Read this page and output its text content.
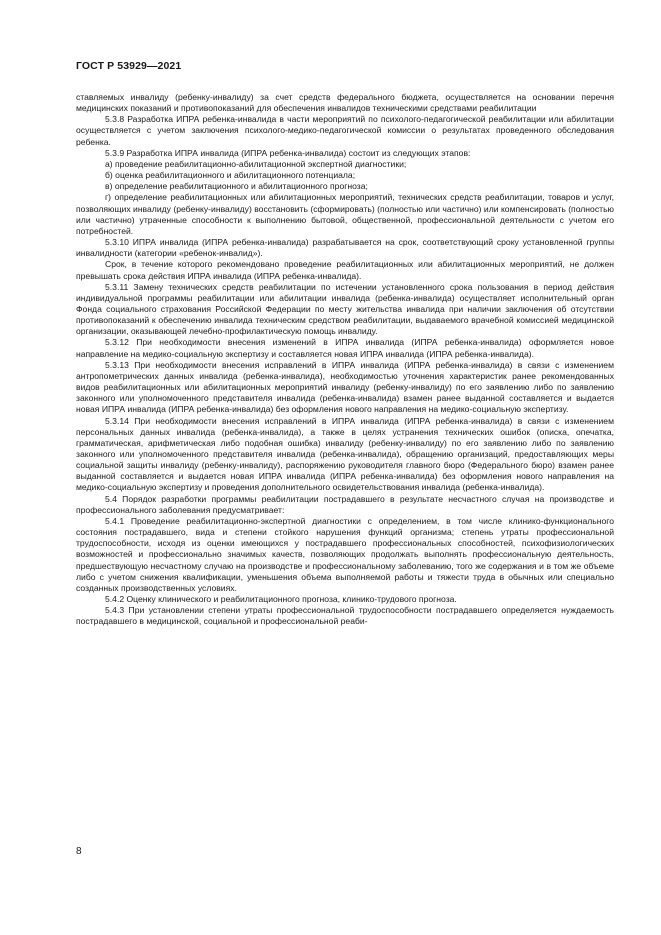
ГОСТ Р 53929—2021

ставляемых инвалиду (ребенку-инвалиду) за счет средств федерального бюджета, осуществляется на основании перечня медицинских показаний и противопоказаний для обеспечения инвалидов техническими средствами реабилитации

5.3.8 Разработка ИПРА ребенка-инвалида в части мероприятий по психолого-педагогической реабилитации или абилитации осуществляется с учетом заключения психолого-медико-педагогической комиссии о результатах проведенного обследования ребенка.

5.3.9 Разработка ИПРА инвалида (ИПРА ребенка-инвалида) состоит из следующих этапов:

а) проведение реабилитационно-абилитационной экспертной диагностики;

б) оценка реабилитационного и абилитационного потенциала;

в) определение реабилитационного и абилитационного прогноза;

г) определение реабилитационных или абилитационных мероприятий, технических средств реабилитации, товаров и услуг, позволяющих инвалиду (ребенку-инвалиду) восстановить (сформировать) (полностью или частично) или компенсировать (полностью или частично) утраченные способности к выполнению бытовой, общественной, профессиональной деятельности с учетом его потребностей.

5.3.10 ИПРА инвалида (ИПРА ребенка-инвалида) разрабатывается на срок, соответствующий сроку установленной группы инвалидности (категории «ребенок-инвалид»).

Срок, в течение которого рекомендовано проведение реабилитационных или абилитационных мероприятий, не должен превышать срока действия ИПРА инвалида (ИПРА ребенка-инвалида).

5.3.11 Замену технических средств реабилитации по истечении установленного срока пользования в период действия индивидуальной программы реабилитации или абилитации инвалида (ребенка-инвалида) осуществляет исполнительный орган Фонда социального страхования Российской Федерации по месту жительства инвалида при наличии заключения об отсутствии противопоказаний к обеспечению инвалида техническим средством реабилитации, выдаваемого врачебной комиссией медицинской организации, оказывающей лечебно-профилактическую помощь инвалиду.

5.3.12 При необходимости внесения изменений в ИПРА инвалида (ИПРА ребенка-инвалида) оформляется новое направление на медико-социальную экспертизу и составляется новая ИПРА инвалида (ИПРА ребенка-инвалида).

5.3.13 При необходимости внесения исправлений в ИПРА инвалида (ИПРА ребенка-инвалида) в связи с изменением антропометрических данных инвалида (ребенка-инвалида), необходимостью уточнения характеристик ранее рекомендованных видов реабилитационных или абилитационных мероприятий инвалиду (ребенку-инвалиду) по его заявлению либо по заявлению законного или уполномоченного представителя инвалида (ребенка-инвалида) взамен ранее выданной составляется и выдается новая ИПРА инвалида (ИПРА ребенка-инвалида) без оформления нового направления на медико-социальную экспертизу.

5.3.14 При необходимости внесения исправлений в ИПРА инвалида (ИПРА ребенка-инвалида) в связи с изменением персональных данных инвалида (ребенка-инвалида), а также в целях устранения технических ошибок (описка, опечатка, грамматическая, арифметическая либо подобная ошибка) инвалиду (ребенку-инвалиду) по его заявлению либо по заявлению законного или уполномоченного представителя инвалида (ребенка-инвалида), обращению организаций, предоставляющих меры социальной защиты инвалиду (ребенку-инвалиду), распоряжению руководителя главного бюро (Федерального бюро) взамен ранее выданной составляется и выдается новая ИПРА инвалида (ИПРА ребенка-инвалида) без оформления нового направления на медико-социальную экспертизу и проведения дополнительного освидетельствования инвалида (ребенка-инвалида).

5.4 Порядок разработки программы реабилитации пострадавшего в результате несчастного случая на производстве и профессионального заболевания предусматривает:

5.4.1 Проведение реабилитационно-экспертной диагностики с определением, в том числе клинико-функционального состояния пострадавшего, вида и степени стойкого нарушения функций организма; степень утраты профессиональной трудоспособности, исходя из оценки имеющихся у пострадавшего профессиональных способностей, психофизиологических возможностей и профессионально значимых качеств, позволяющих продолжать выполнять профессиональную деятельность, предшествующую несчастному случаю на производстве и профессиональному заболеванию, того же содержания и в том же объеме либо с учетом снижения квалификации, уменьшения объема выполняемой работы и тяжести труда в обычных или специально созданных производственных условиях.

5.4.2 Оценку клинического и реабилитационного прогноза, клинико-трудового прогноза.

5.4.3 При установлении степени утраты профессиональной трудоспособности пострадавшего определяется нуждаемость пострадавшего в медицинской, социальной и профессиональной реаби-

8
